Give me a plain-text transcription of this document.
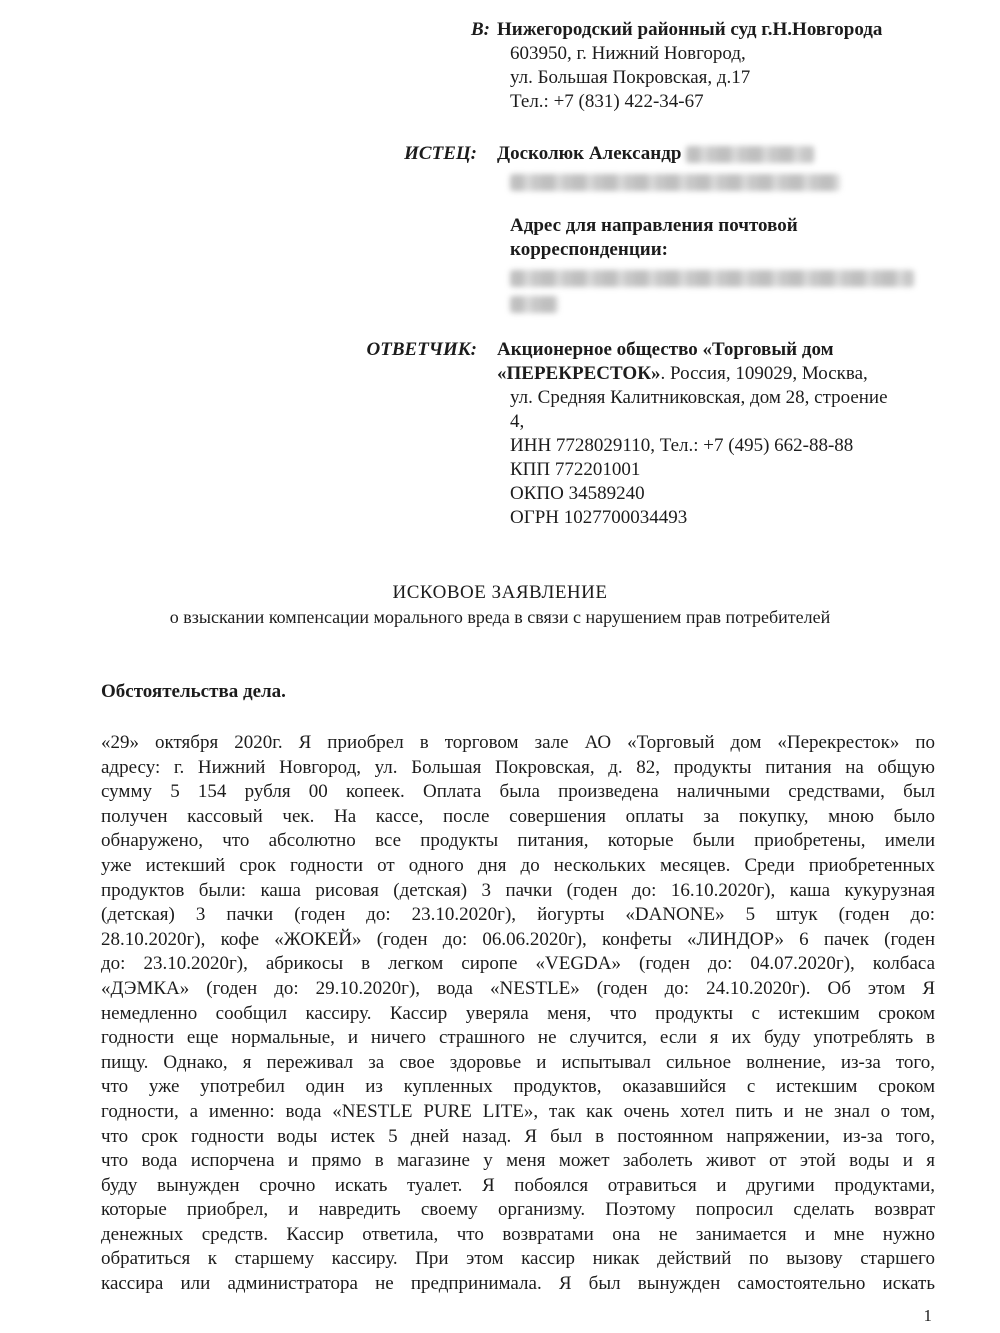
В: Нижегородский районный суд г.Н.Новгорода
603950, г. Нижний Новгород,
ул. Большая Покровская, д.17
Тел.: +7 (831) 422-34-67
ИСТЕЦ: Досколюк Александр
Адрес для направления почтовой
корреспонденции:
ОТВЕТЧИК: Акционерное общество «Торговый дом
«ПЕРЕКРЕСТОК». Россия, 109029, Москва,
ул. Средняя Калитниковская, дом 28, строение
4,
ИНН 7728029110, Тел.: +7 (495) 662-88-88
КПП 772201001
ОКПО 34589240
ОГРН 1027700034493
ИСКОВОЕ ЗАЯВЛЕНИЕ
о взыскании компенсации морального вреда в связи с нарушением прав потребителей
Обстоятельства дела.
«29» октября 2020г. Я приобрел в торговом зале АО «Торговый дом «Перекресток» по
адресу: г. Нижний Новгород, ул. Большая Покровская, д. 82, продукты питания на общую
сумму 5 154 рубля 00 копеек. Оплата была произведена наличными средствами, был
получен кассовый чек. На кассе, после совершения оплаты за покупку, мною было
обнаружено, что абсолютно все продукты питания, которые были приобретены, имели
уже истекший срок годности от одного дня до нескольких месяцев. Среди приобретенных
продуктов были: каша рисовая (детская) 3 пачки (годен до: 16.10.2020г), каша кукурузная
(детская) 3 пачки (годен до: 23.10.2020г), йогурты «DANONE» 5 штук (годен до:
28.10.2020г), кофе «ЖОКЕЙ» (годен до: 06.06.2020г), конфеты «ЛИНДОР» 6 пачек (годен
до: 23.10.2020г), абрикосы в легком сиропе «VEGDA» (годен до: 04.07.2020г), колбаса
«ДЭМКА» (годен до: 29.10.2020г), вода «NESTLE» (годен до: 24.10.2020г). Об этом Я
немедленно сообщил кассиру. Кассир уверяла меня, что продукты с истекшим сроком
годности еще нормальные, и ничего страшного не случится, если я их буду употреблять в
пищу. Однако, я переживал за свое здоровье и испытывал сильное волнение, из-за того,
что уже употребил один из купленных продуктов, оказавшийся с истекшим сроком
годности, а именно: вода «NESTLE PURE LITE», так как очень хотел пить и не знал о том,
что срок годности воды истек 5 дней назад. Я был в постоянном напряжении, из-за того,
что вода испорчена и прямо в магазине у меня может заболеть живот от этой воды и я
буду вынужден срочно искать туалет. Я побоялся отравиться и другими продуктами,
которые приобрел, и навредить своему организму. Поэтому попросил сделать возврат
денежных средств. Кассир ответила, что возвратами она не занимается и мне нужно
обратиться к старшему кассиру. При этом кассир никак действий по вызову старшего
кассира или администратора не предпринимала. Я был вынужден самостоятельно искать
1
